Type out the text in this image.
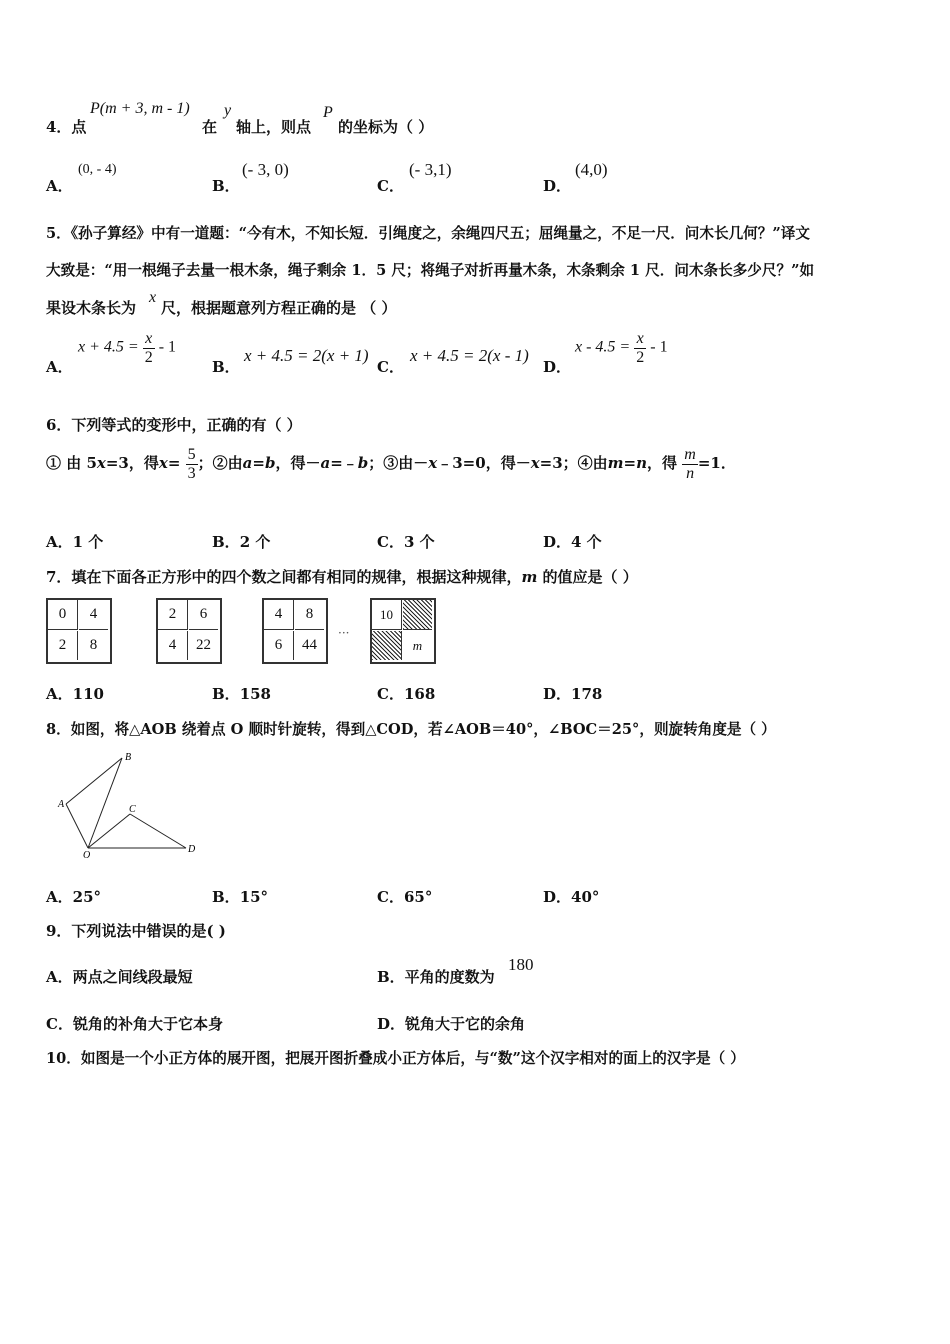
4．点
P(m + 3, m - 1)
在
y
轴上，则点
P
的坐标为（ ）
A．
(0, - 4)
B．
(- 3, 0)
C．
(- 3,1)
D．
(4,0)
5．《孙子算经》中有一道题：“今有木，不知长短．引绳度之，余绳四尺五；屈绳量之，不足一尺．问木长几何？”译文
大致是：“用一根绳子去量一根木条，绳子剩余 1．5 尺；将绳子对折再量木条，木条剩余 1 尺．问木条长多少尺？”如
果设木条长为
x
尺，根据题意列方程正确的是 （ ）
A．
$x + 4.5 = \frac{x}{2} - 1$
B．
x + 4.5 = 2(x + 1)
C．
x + 4.5 = 2(x - 1)
D．
$x - 4.5 = \frac{x}{2} - 1$
6．下列等式的变形中，正确的有（ ）
① 由 5x=3，得$x= \frac{5}{3}$ ；②由a=b，得－a=﹣b；③由－x﹣3=0，得－x=3；④由m=n，得 $\frac{m}{n} =1$．
A．1 个	B．2 个	C．3 个	D．4 个
7．填在下面各正方形中的四个数之间都有相同的规律，根据这种规律，m 的值应是（ ）
0	4
2	8
2	6
4	22
4	8
6	44
···
10
m
A．110	B．158	C．168	D．178
8．如图，将△AOB 绕着点 O 顺时针旋转，得到△COD，若∠AOB＝40°，∠BOC＝25°，则旋转角度是（ ）
A
B
C
O
D
A．25°	B．15°	C．65°	D．40°
9．下列说法中错误的是( )
A．两点之间线段最短	B．平角的度数为
180
C．锐角的补角大于它本身	D．锐角大于它的余角
10．如图是一个小正方体的展开图，把展开图折叠成小正方体后，与“数”这个汉字相对的面上的汉字是（ ）
